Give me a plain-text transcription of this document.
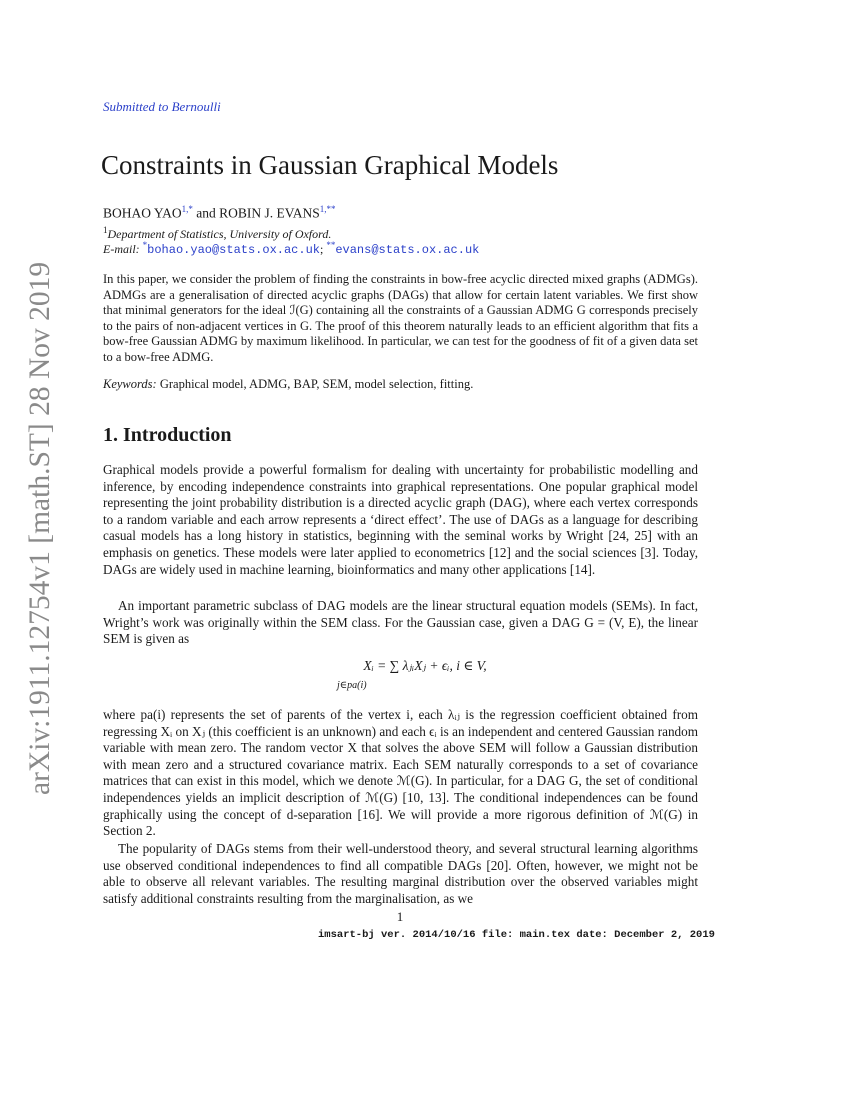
arXiv:1911.12754v1 [math.ST] 28 Nov 2019
Submitted to Bernoulli
Constraints in Gaussian Graphical Models
BOHAO $YAO^{1,*}$ and ROBIN J. $EVANS^{1,**}$
$^1$Department of Statistics, University of Oxford.
E-mail: *bohao.yao@stats.ox.ac.uk; **evans@stats.ox.ac.uk

In this paper, we consider the problem of finding the constraints in bow-free acyclic directed mixed graphs (ADMGs). ADMGs are a generalisation of directed acyclic graphs (DAGs) that allow for certain latent variables. We first show that minimal generators for the ideal ℐ(G) containing all the constraints of a Gaussian ADMG G corresponds precisely to the pairs of non-adjacent vertices in G. The proof of this theorem naturally leads to an efficient algorithm that fits a bow-free Gaussian ADMG by maximum likelihood. In particular, we can test for the goodness of fit of a given data set to a bow-free ADMG.

Keywords: Graphical model, ADMG, BAP, SEM, model selection, fitting.

1. Introduction

Graphical models provide a powerful formalism for dealing with uncertainty for probabilistic modelling and inference, by encoding independence constraints into graphical representations. One popular graphical model representing the joint probability distribution is a directed acyclic graph (DAG), where each vertex corresponds to a random variable and each arrow represents a ‘direct effect’. The use of DAGs as a language for describing casual models has a long history in statistics, beginning with the seminal works by Wright [24, 25] with an emphasis on genetics. These models were later applied to econometrics [12] and the social sciences [3]. Today, DAGs are widely used in machine learning, bioinformatics and many other applications [14].

An important parametric subclass of DAG models are the linear structural equation models (SEMs). In fact, Wright’s work was originally within the SEM class. For the Gaussian case, given a DAG G = (V, E), the linear SEM is given as

Xᵢ = ∑ λⱼᵢXⱼ + ϵᵢ, i ∈ V,
j∈pa(i)

where pa(i) represents the set of parents of the vertex i, each λᵢⱼ is the regression coefficient obtained from regressing Xᵢ on Xⱼ (this coefficient is an unknown) and each ϵᵢ is an independent and centered Gaussian random variable with mean zero. The random vector X that solves the above SEM will follow a Gaussian distribution with mean zero and a structured covariance matrix. Each SEM naturally corresponds to a set of covariance matrices that can exist in this model, which we denote ℳ(G). In particular, for a DAG G, the set of conditional independences yields an implicit description of ℳ(G) [10, 13]. The conditional independences can be found graphically using the concept of d-separation [16]. We will provide a more rigorous definition of ℳ(G) in Section 2.

The popularity of DAGs stems from their well-understood theory, and several structural learning algorithms use observed conditional independences to find all compatible DAGs [20]. Often, however, we might not be able to observe all relevant variables. The resulting marginal distribution over the observed variables might satisfy additional constraints resulting from the marginalisation, as we

1
imsart-bj ver. 2014/10/16 file: main.tex date: December 2, 2019
